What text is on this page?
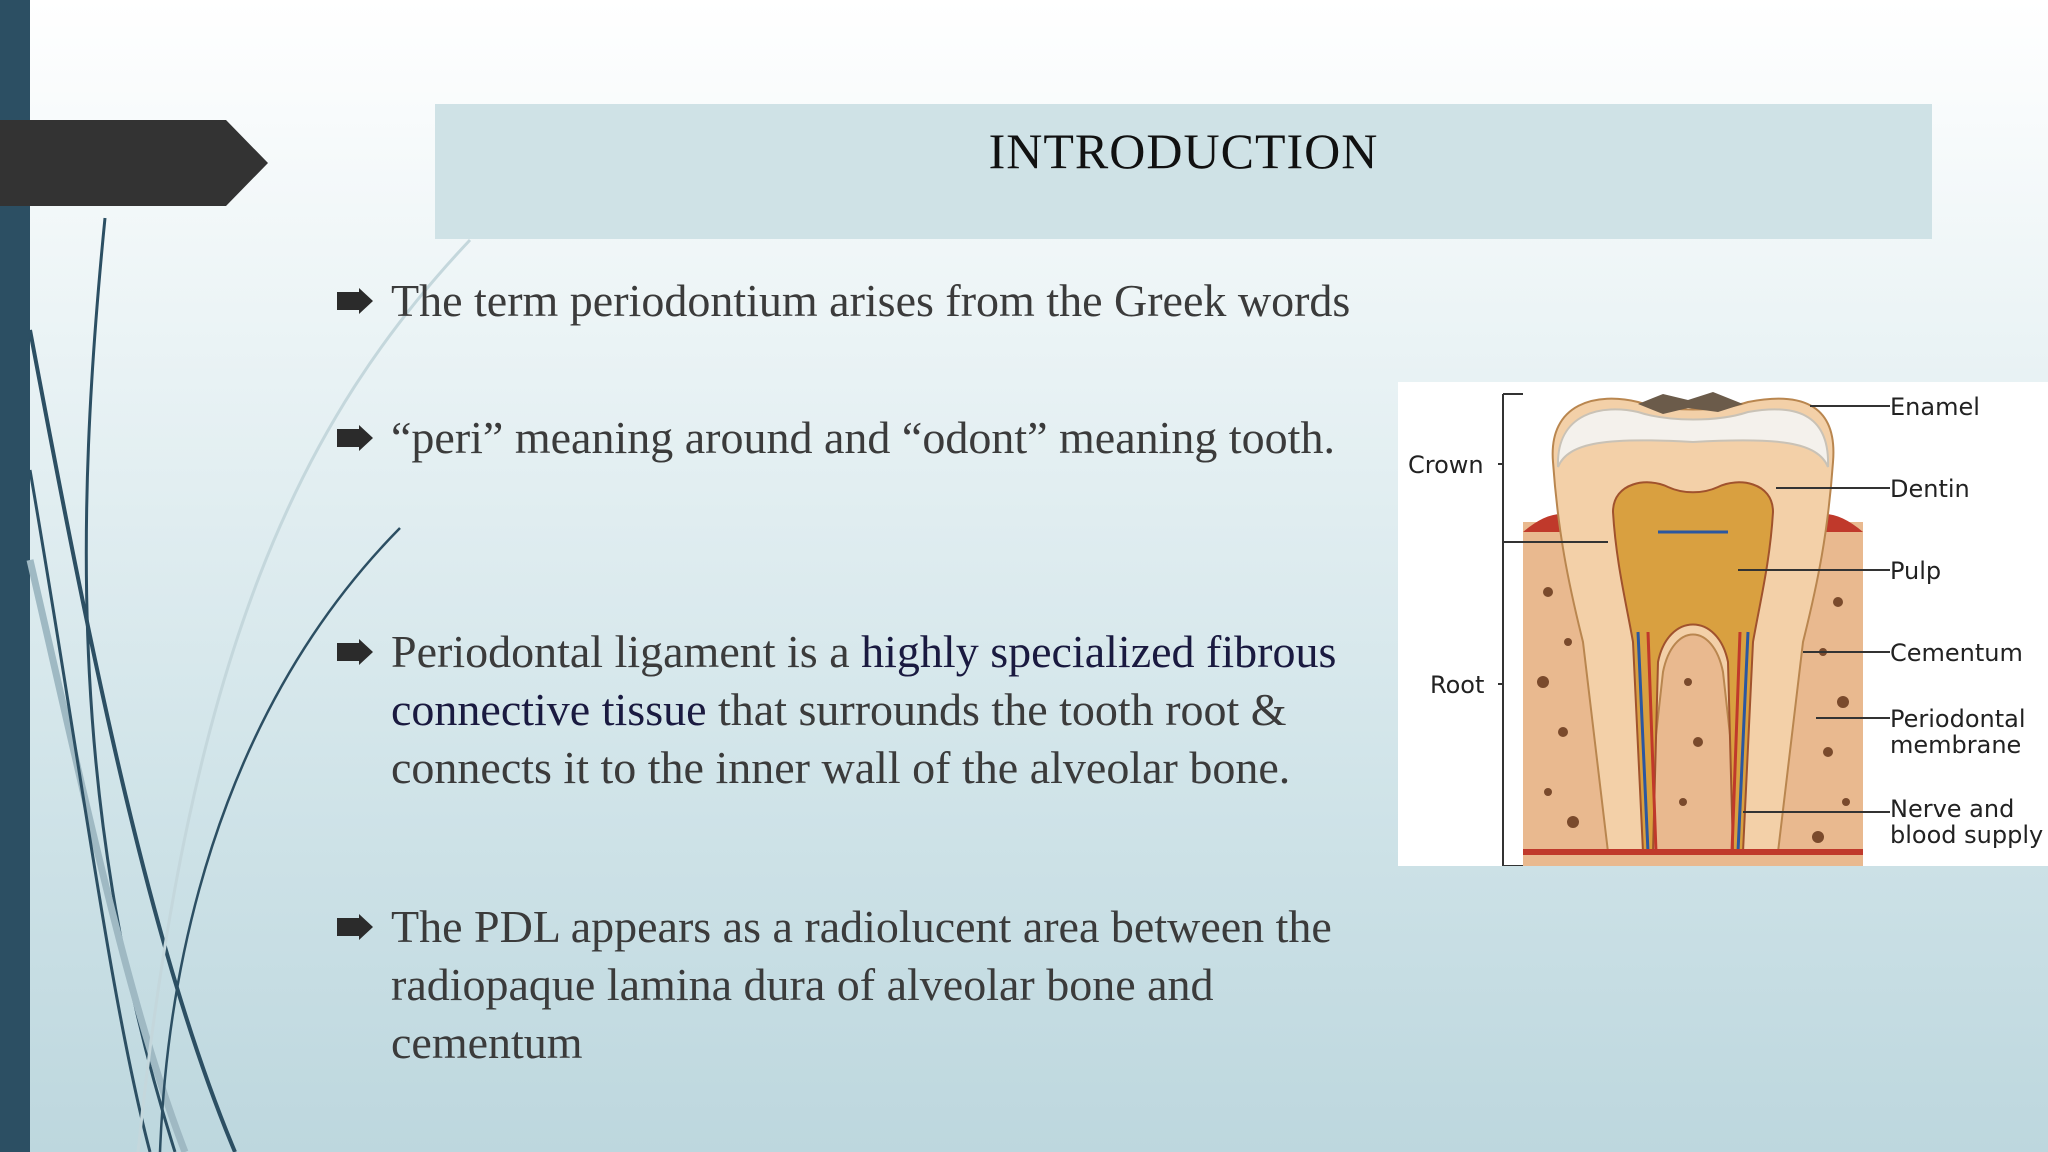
INTRODUCTION
The term periodontium arises from the Greek words
“peri” meaning around and “odont” meaning tooth.
Periodontal ligament is a highly specialized fibrous connective tissue that surrounds the tooth root & connects it to the inner wall of the alveolar bone.
The PDL appears as a radiolucent area between the radiopaque lamina dura of alveolar bone and cementum
Crown
Root
Enamel
Dentin
Pulp
Cementum
Periodontal
membrane
Nerve and
blood supply
